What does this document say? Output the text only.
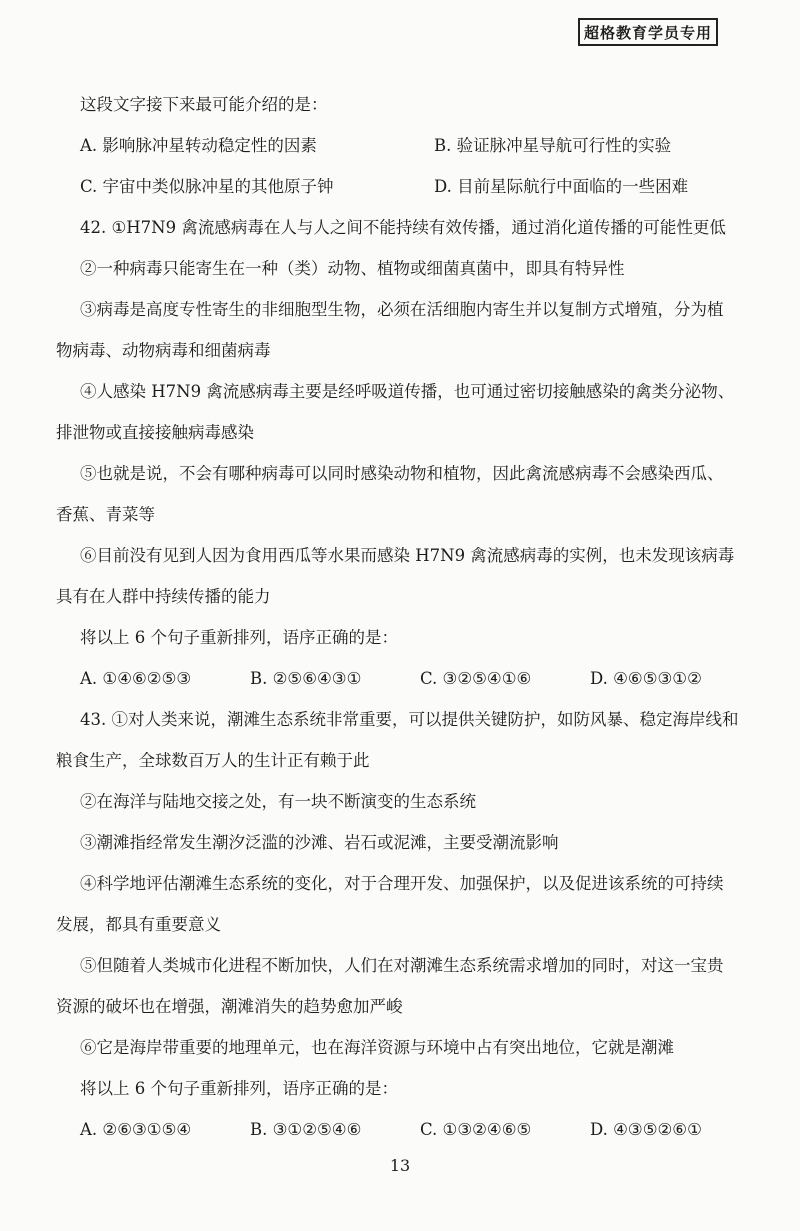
超格教育学员专用
这段文字接下来最可能介绍的是：
A. 影响脉冲星转动稳定性的因素	B. 验证脉冲星导航可行性的实验
C. 宇宙中类似脉冲星的其他原子钟	D. 目前星际航行中面临的一些困难
42. ①H7N9 禽流感病毒在人与人之间不能持续有效传播，通过消化道传播的可能性更低
②一种病毒只能寄生在一种（类）动物、植物或细菌真菌中，即具有特异性
③病毒是高度专性寄生的非细胞型生物，必须在活细胞内寄生并以复制方式增殖，分为植
物病毒、动物病毒和细菌病毒
④人感染 H7N9 禽流感病毒主要是经呼吸道传播，也可通过密切接触感染的禽类分泌物、
排泄物或直接接触病毒感染
⑤也就是说，不会有哪种病毒可以同时感染动物和植物，因此禽流感病毒不会感染西瓜、
香蕉、青菜等
⑥目前没有见到人因为食用西瓜等水果而感染 H7N9 禽流感病毒的实例，也未发现该病毒
具有在人群中持续传播的能力
将以上 6 个句子重新排列，语序正确的是：
A. ①④⑥②⑤③	B. ②⑤⑥④③①	C. ③②⑤④①⑥	D. ④⑥⑤③①②
43. ①对人类来说，潮滩生态系统非常重要，可以提供关键防护，如防风暴、稳定海岸线和
粮食生产，全球数百万人的生计正有赖于此
②在海洋与陆地交接之处，有一块不断演变的生态系统
③潮滩指经常发生潮汐泛滥的沙滩、岩石或泥滩，主要受潮流影响
④科学地评估潮滩生态系统的变化，对于合理开发、加强保护，以及促进该系统的可持续
发展，都具有重要意义
⑤但随着人类城市化进程不断加快，人们在对潮滩生态系统需求增加的同时，对这一宝贵
资源的破坏也在增强，潮滩消失的趋势愈加严峻
⑥它是海岸带重要的地理单元，也在海洋资源与环境中占有突出地位，它就是潮滩
将以上 6 个句子重新排列，语序正确的是：
A. ②⑥③①⑤④	B. ③①②⑤④⑥	C. ①③②④⑥⑤	D. ④③⑤②⑥①
13
